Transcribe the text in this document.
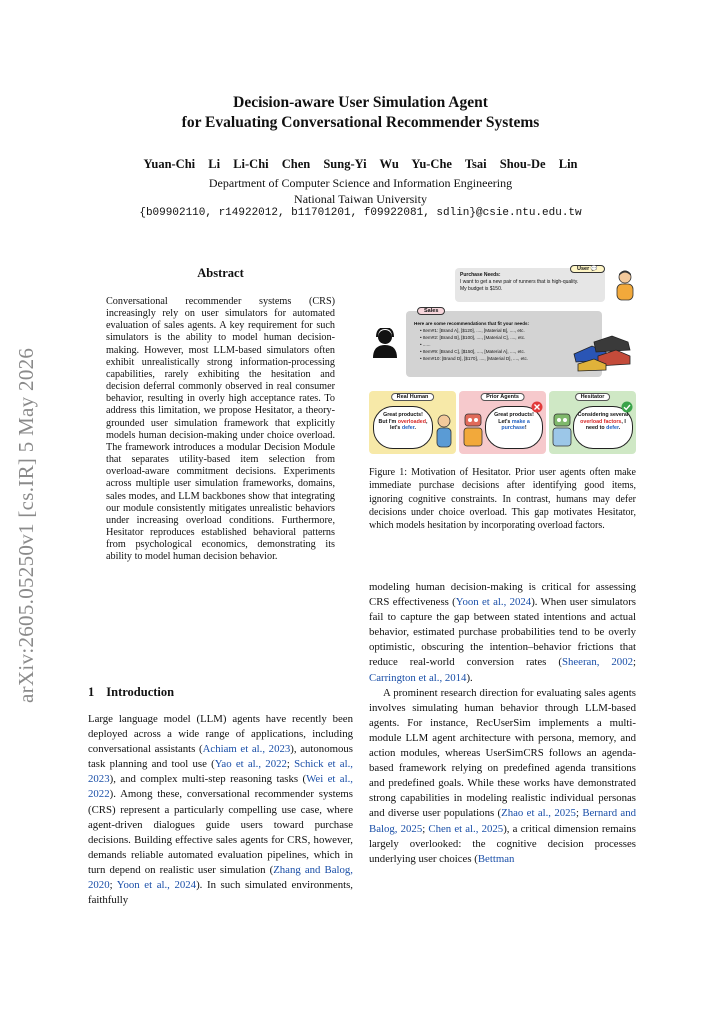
arXiv:2605.05250v1 [cs.IR] 5 May 2026
Decision-aware User Simulation Agent
for Evaluating Conversational Recommender Systems
Yuan-Chi Li Li-Chi Chen Sung-Yi Wu Yu-Che Tsai Shou-De Lin
Department of Computer Science and Information Engineering
National Taiwan University
{b09902110, r14922012, b11701201, f09922081, sdlin}@csie.ntu.edu.tw
Abstract
Conversational recommender systems (CRS) increasingly rely on user simulators for automated evaluation of sales agents. A key requirement for such simulators is the ability to model human decision-making. However, most LLM-based simulators often exhibit unrealistically strong information-processing capabilities, rarely exhibiting the hesitation and decision deferral commonly observed in real consumer behavior, resulting in overly high acceptance rates. To address this limitation, we propose Hesitator, a theory-grounded user simulation framework that explicitly models human decision-making under choice overload. The framework introduces a modular Decision Module that separates utility-based item selection from overload-aware commitment decisions. Experiments across multiple user simulation frameworks, domains, sales modes, and LLM backbones show that integrating our module consistently mitigates unrealistic behaviors under increasing overload conditions. Furthermore, Hesitator reproduces established behavioral patterns from psychological economics, demonstrating its ability to model human decision behavior.
1 Introduction

Large language model (LLM) agents have recently been deployed across a wide range of applications, including conversational assistants (Achiam et al., 2023), autonomous task planning and tool use (Yao et al., 2022; Schick et al., 2023), and complex multi-step reasoning tasks (Wei et al., 2022). Among these, conversational recommender systems (CRS) represent a particularly compelling use case, where agent-driven dialogues guide users toward purchase decisions. Building effective sales agents for CRS, however, demands reliable automated evaluation pipelines, which in turn depend on realistic user simulation (Zhang and Balog, 2020; Yoon et al., 2024). In such simulated environments, faithfully

Purchase Needs:
I want to get a new pair of runners that is high-quality.
My budget is $150.
User 💬
Here are some recommendations that fit your needs:
• Item#1: [Brand A], [$120], ...., [Material B], ...., etc.
• Item#2: [Brand B], [$100], ...., [Material C], ...., etc.
• ......
• Item#9: [Brand C], [$150], ...., [Material A], ...., etc.
• Item#10: [Brand D], [$170], ...., [Material D], ...., etc.
Sales
Real Human
Great products!
But I'm overloaded, let's defer.
Prior Agents
Great products!
Let's make a purchase!
Hesitator
Considering several overload factors, I need to defer.
Figure 1: Motivation of Hesitator. Prior user agents often make immediate purchase decisions after identifying good items, ignoring cognitive constraints. In contrast, humans may defer decisions under choice overload. This gap motivates Hesitator, which models hesitation by incorporating overload factors.

modeling human decision-making is critical for assessing CRS effectiveness (Yoon et al., 2024). When user simulators fail to capture the gap between stated intentions and actual behavior, estimated purchase probabilities tend to be overly optimistic, obscuring the intention–behavior frictions that reduce real-world conversion rates (Sheeran, 2002; Carrington et al., 2014).

A prominent research direction for evaluating sales agents involves simulating human behavior through LLM-based agents. For instance, RecUserSim implements a multi-module LLM agent architecture with persona, memory, and action modules, whereas UserSimCRS follows an agenda-based framework relying on predefined agenda transitions and predefined goals. While these works have demonstrated strong capabilities in modeling realistic individual personas and diverse user populations (Zhao et al., 2025; Bernard and Balog, 2025; Chen et al., 2025), a critical dimension remains largely overlooked: the cognitive decision processes underlying user choices (Bettman
